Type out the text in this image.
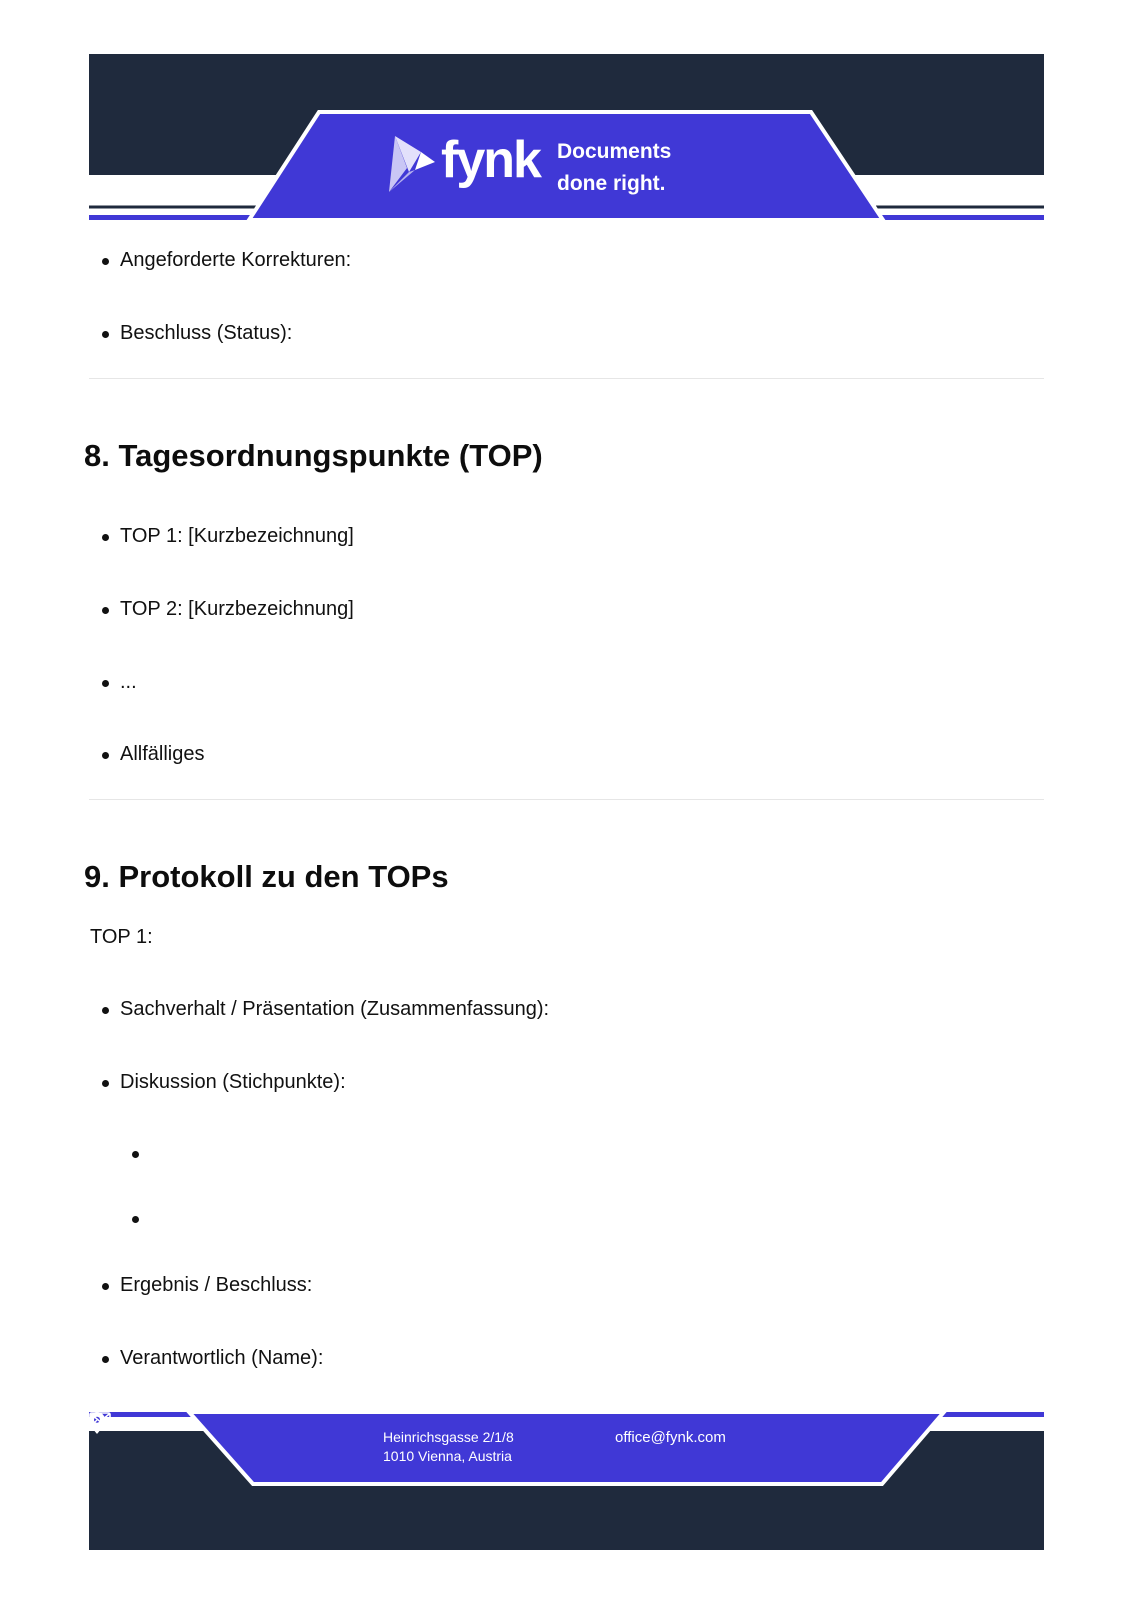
fynk Documents
done right.
Angeforderte Korrekturen:
Beschluss (Status):
8. Tagesordnungspunkte (TOP)
TOP 1: [Kurzbezeichnung]
TOP 2: [Kurzbezeichnung]
...
Allfälliges
9. Protokoll zu den TOPs
TOP 1:
Sachverhalt / Präsentation (Zusammenfassung):
Diskussion (Stichpunkte):
Ergebnis / Beschluss:
Verantwortlich (Name):
Heinrichsgasse 2/1/8
1010 Vienna, Austria
office@fynk.com
